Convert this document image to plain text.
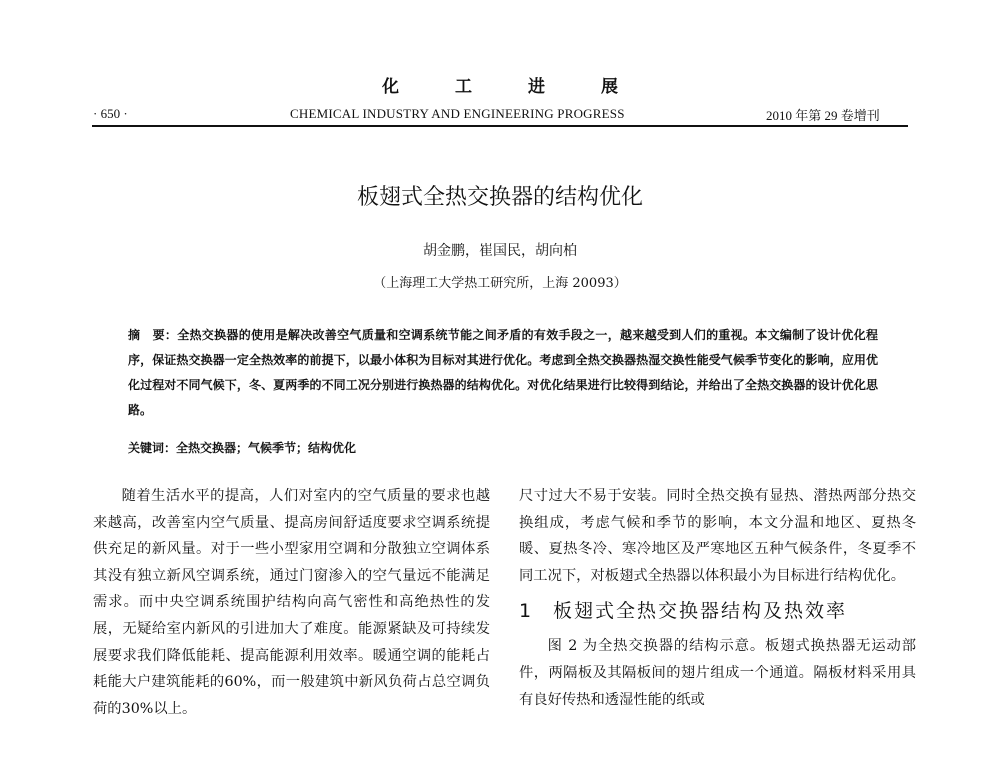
化工进展
· 650 ·	CHEMICAL INDUSTRY AND ENGINEERING PROGRESS	2010 年第 29 卷增刊
板翅式全热交换器的结构优化
胡金鹏，崔国民，胡向柏
（上海理工大学热工研究所，上海 20093）
摘　要：全热交换器的使用是解决改善空气质量和空调系统节能之间矛盾的有效手段之一，越来越受到人们的重视。本文编制了设计优化程序，保证热交换器一定全热效率的前提下，以最小体积为目标对其进行优化。考虑到全热交换器热湿交换性能受气候季节变化的影响，应用优化过程对不同气候下，冬、夏两季的不同工况分别进行换热器的结构优化。对优化结果进行比较得到结论，并给出了全热交换器的设计优化思路。
关键词：全热交换器；气候季节；结构优化

随着生活水平的提高，人们对室内的空气质量的要求也越来越高，改善室内空气质量、提高房间舒适度要求空调系统提供充足的新风量。对于一些小型家用空调和分散独立空调体系其没有独立新风空调系统，通过门窗渗入的空气量远不能满足需求。而中央空调系统围护结构向高气密性和高绝热性的发展，无疑给室内新风的引进加大了难度。能源紧缺及可持续发展要求我们降低能耗、提高能源利用效率。暖通空调的能耗占耗能大户建筑能耗的60%，而一般建筑中新风负荷占总空调负荷的30%以上。

尺寸过大不易于安装。同时全热交换有显热、潜热两部分热交换组成，考虑气候和季节的影响，本文分温和地区、夏热冬暖、夏热冬冷、寒冷地区及严寒地区五种气候条件，冬夏季不同工况下，对板翅式全热器以体积最小为目标进行结构优化。

1 板翅式全热交换器结构及热效率

图 2 为全热交换器的结构示意。板翅式换热器无运动部件，两隔板及其隔板间的翅片组成一个通道。隔板材料采用具有良好传热和透湿性能的纸或
